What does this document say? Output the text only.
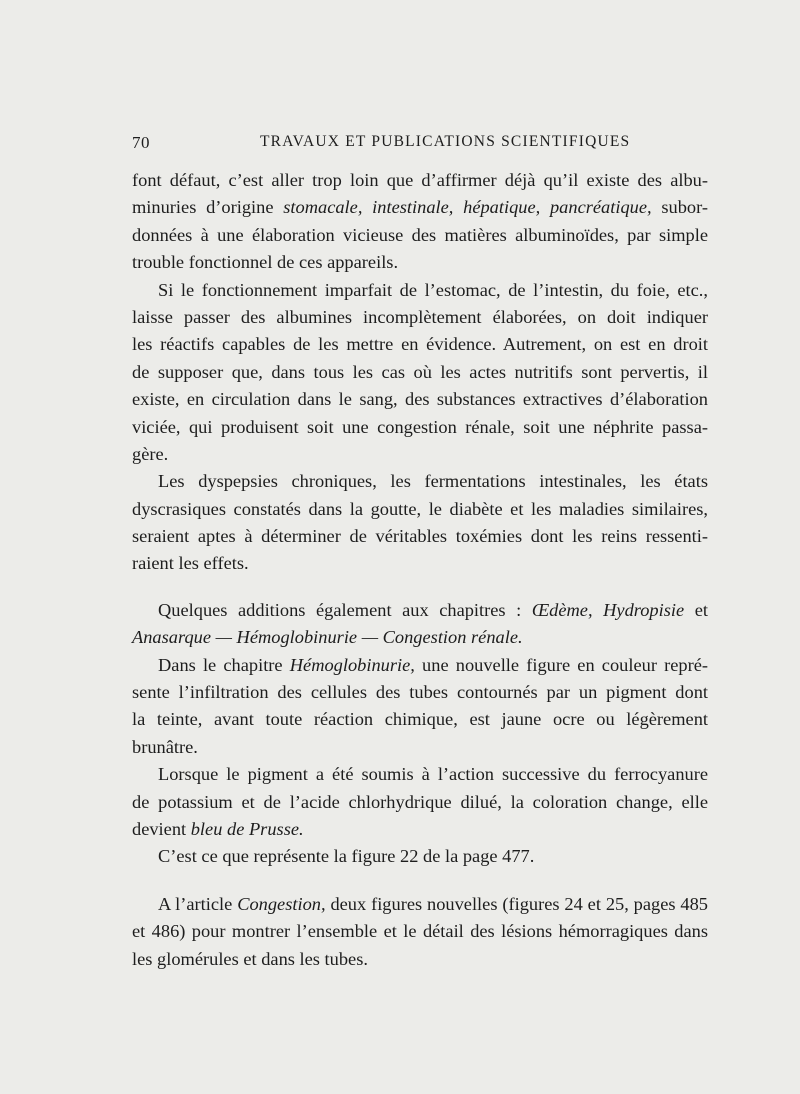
70	TRAVAUX ET PUBLICATIONS SCIENTIFIQUES
font défaut, c’est aller trop loin que d’affirmer déjà qu’il existe des albu-
minuries d’origine stomacale, intestinale, hépatique, pancréatique, subor-
données à une élaboration vicieuse des matières albuminoïdes, par simple
trouble fonctionnel de ces appareils.
Si le fonctionnement imparfait de l’estomac, de l’intestin, du foie, etc.,
laisse passer des albumines incomplètement élaborées, on doit indiquer
les réactifs capables de les mettre en évidence. Autrement, on est en droit
de supposer que, dans tous les cas où les actes nutritifs sont pervertis, il
existe, en circulation dans le sang, des substances extractives d’élaboration
viciée, qui produisent soit une congestion rénale, soit une néphrite passa-
gère.
Les dyspepsies chroniques, les fermentations intestinales, les états
dyscrasiques constatés dans la goutte, le diabète et les maladies similaires,
seraient aptes à déterminer de véritables toxémies dont les reins ressenti-
raient les effets.
Quelques additions également aux chapitres : Œdème, Hydropisie et
Anasarque — Hémoglobinurie — Congestion rénale.
Dans le chapitre Hémoglobinurie, une nouvelle figure en couleur repré-
sente l’infiltration des cellules des tubes contournés par un pigment dont
la teinte, avant toute réaction chimique, est jaune ocre ou légèrement
brunâtre.
Lorsque le pigment a été soumis à l’action successive du ferrocyanure
de potassium et de l’acide chlorhydrique dilué, la coloration change, elle
devient bleu de Prusse.
C’est ce que représente la figure 22 de la page 477.
A l’article Congestion, deux figures nouvelles (figures 24 et 25, pages 485
et 486) pour montrer l’ensemble et le détail des lésions hémorragiques dans
les glomérules et dans les tubes.
